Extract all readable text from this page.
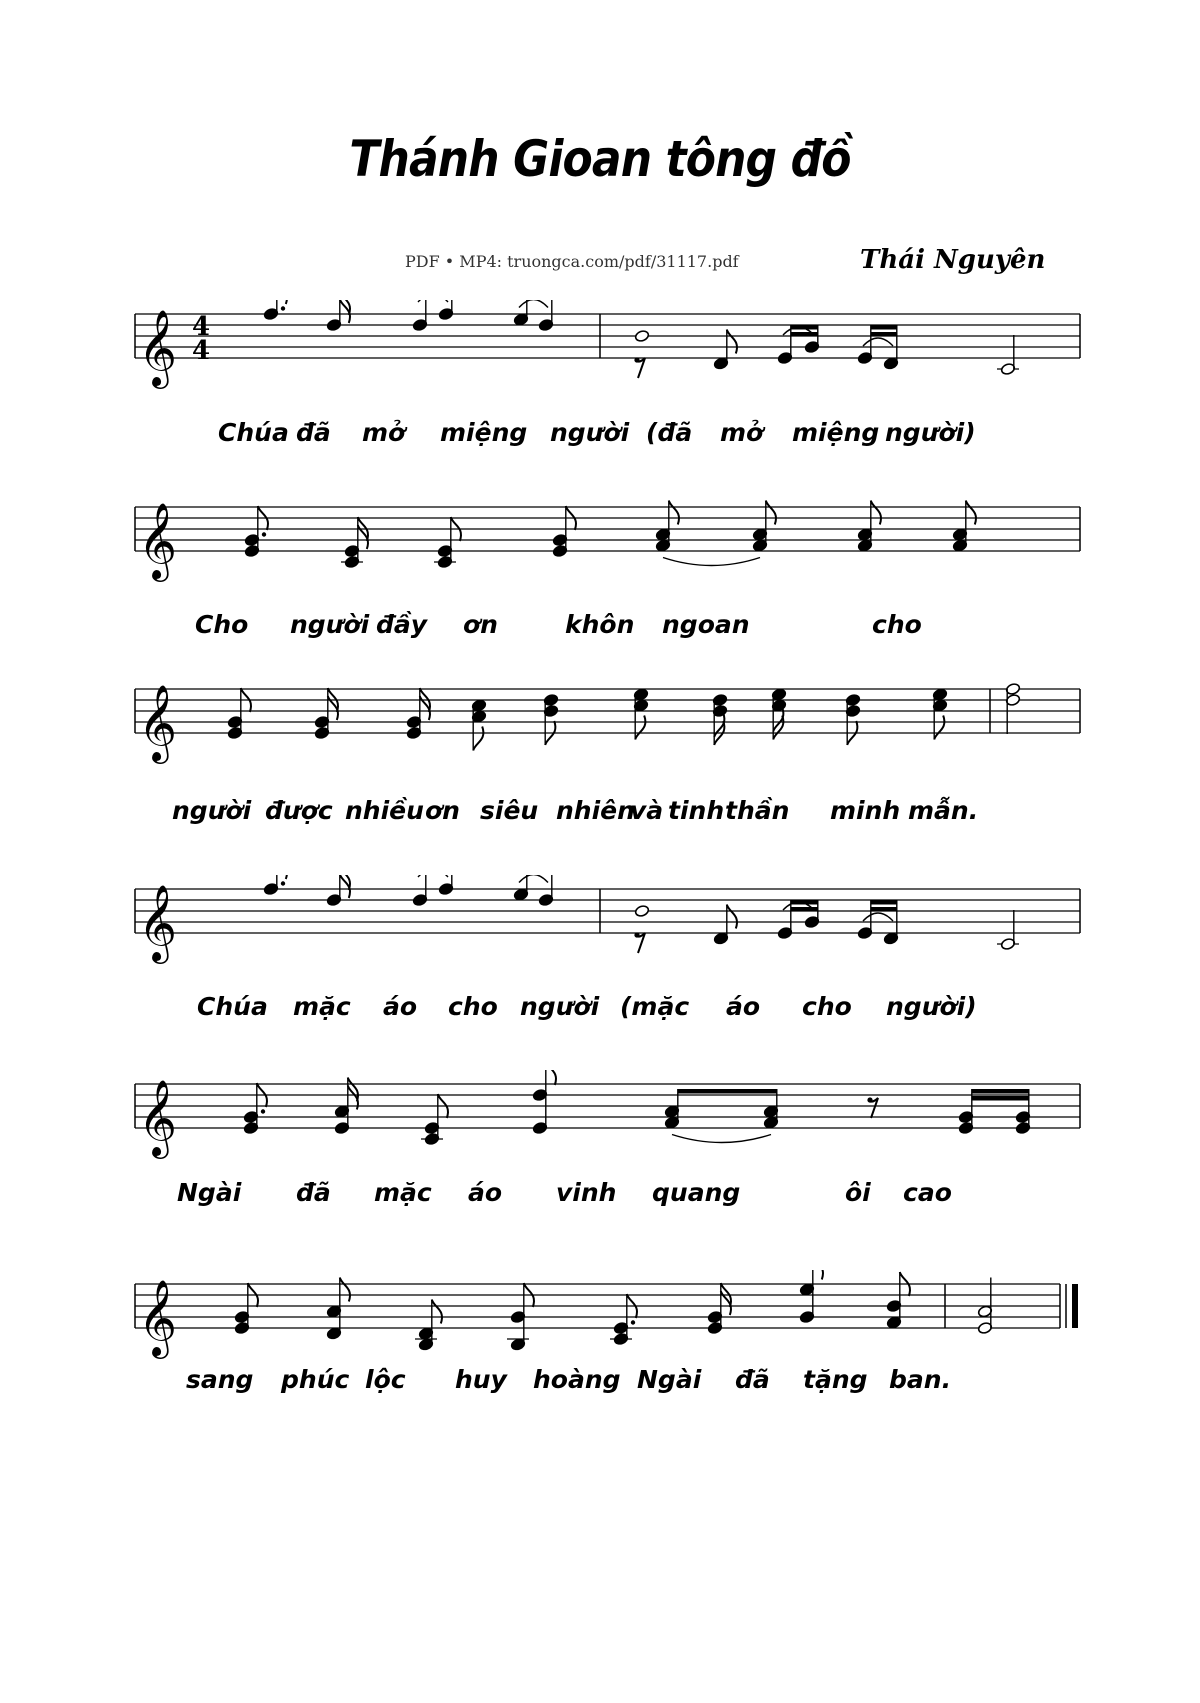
Thánh Gioan tông đồ
PDF • MP4: truongca.com/pdf/31117.pdf	Thái Nguyên
𝄞 4
4
𝄞
𝄞
𝄞
𝄞
𝄞
Chúa đã mở miệng người (đã mở miệng người)
Cho người đầy ơn	khôn ngoan	cho
người được nhiều ơn siêu nhiên
và tinh thần minh mẫn.
Chúa mặc áo cho người (mặc áo cho người)
Ngài đã mặc áo vinh quang	ôi cao
sang phúc lộc huy hoàng Ngài đã tặng ban.
